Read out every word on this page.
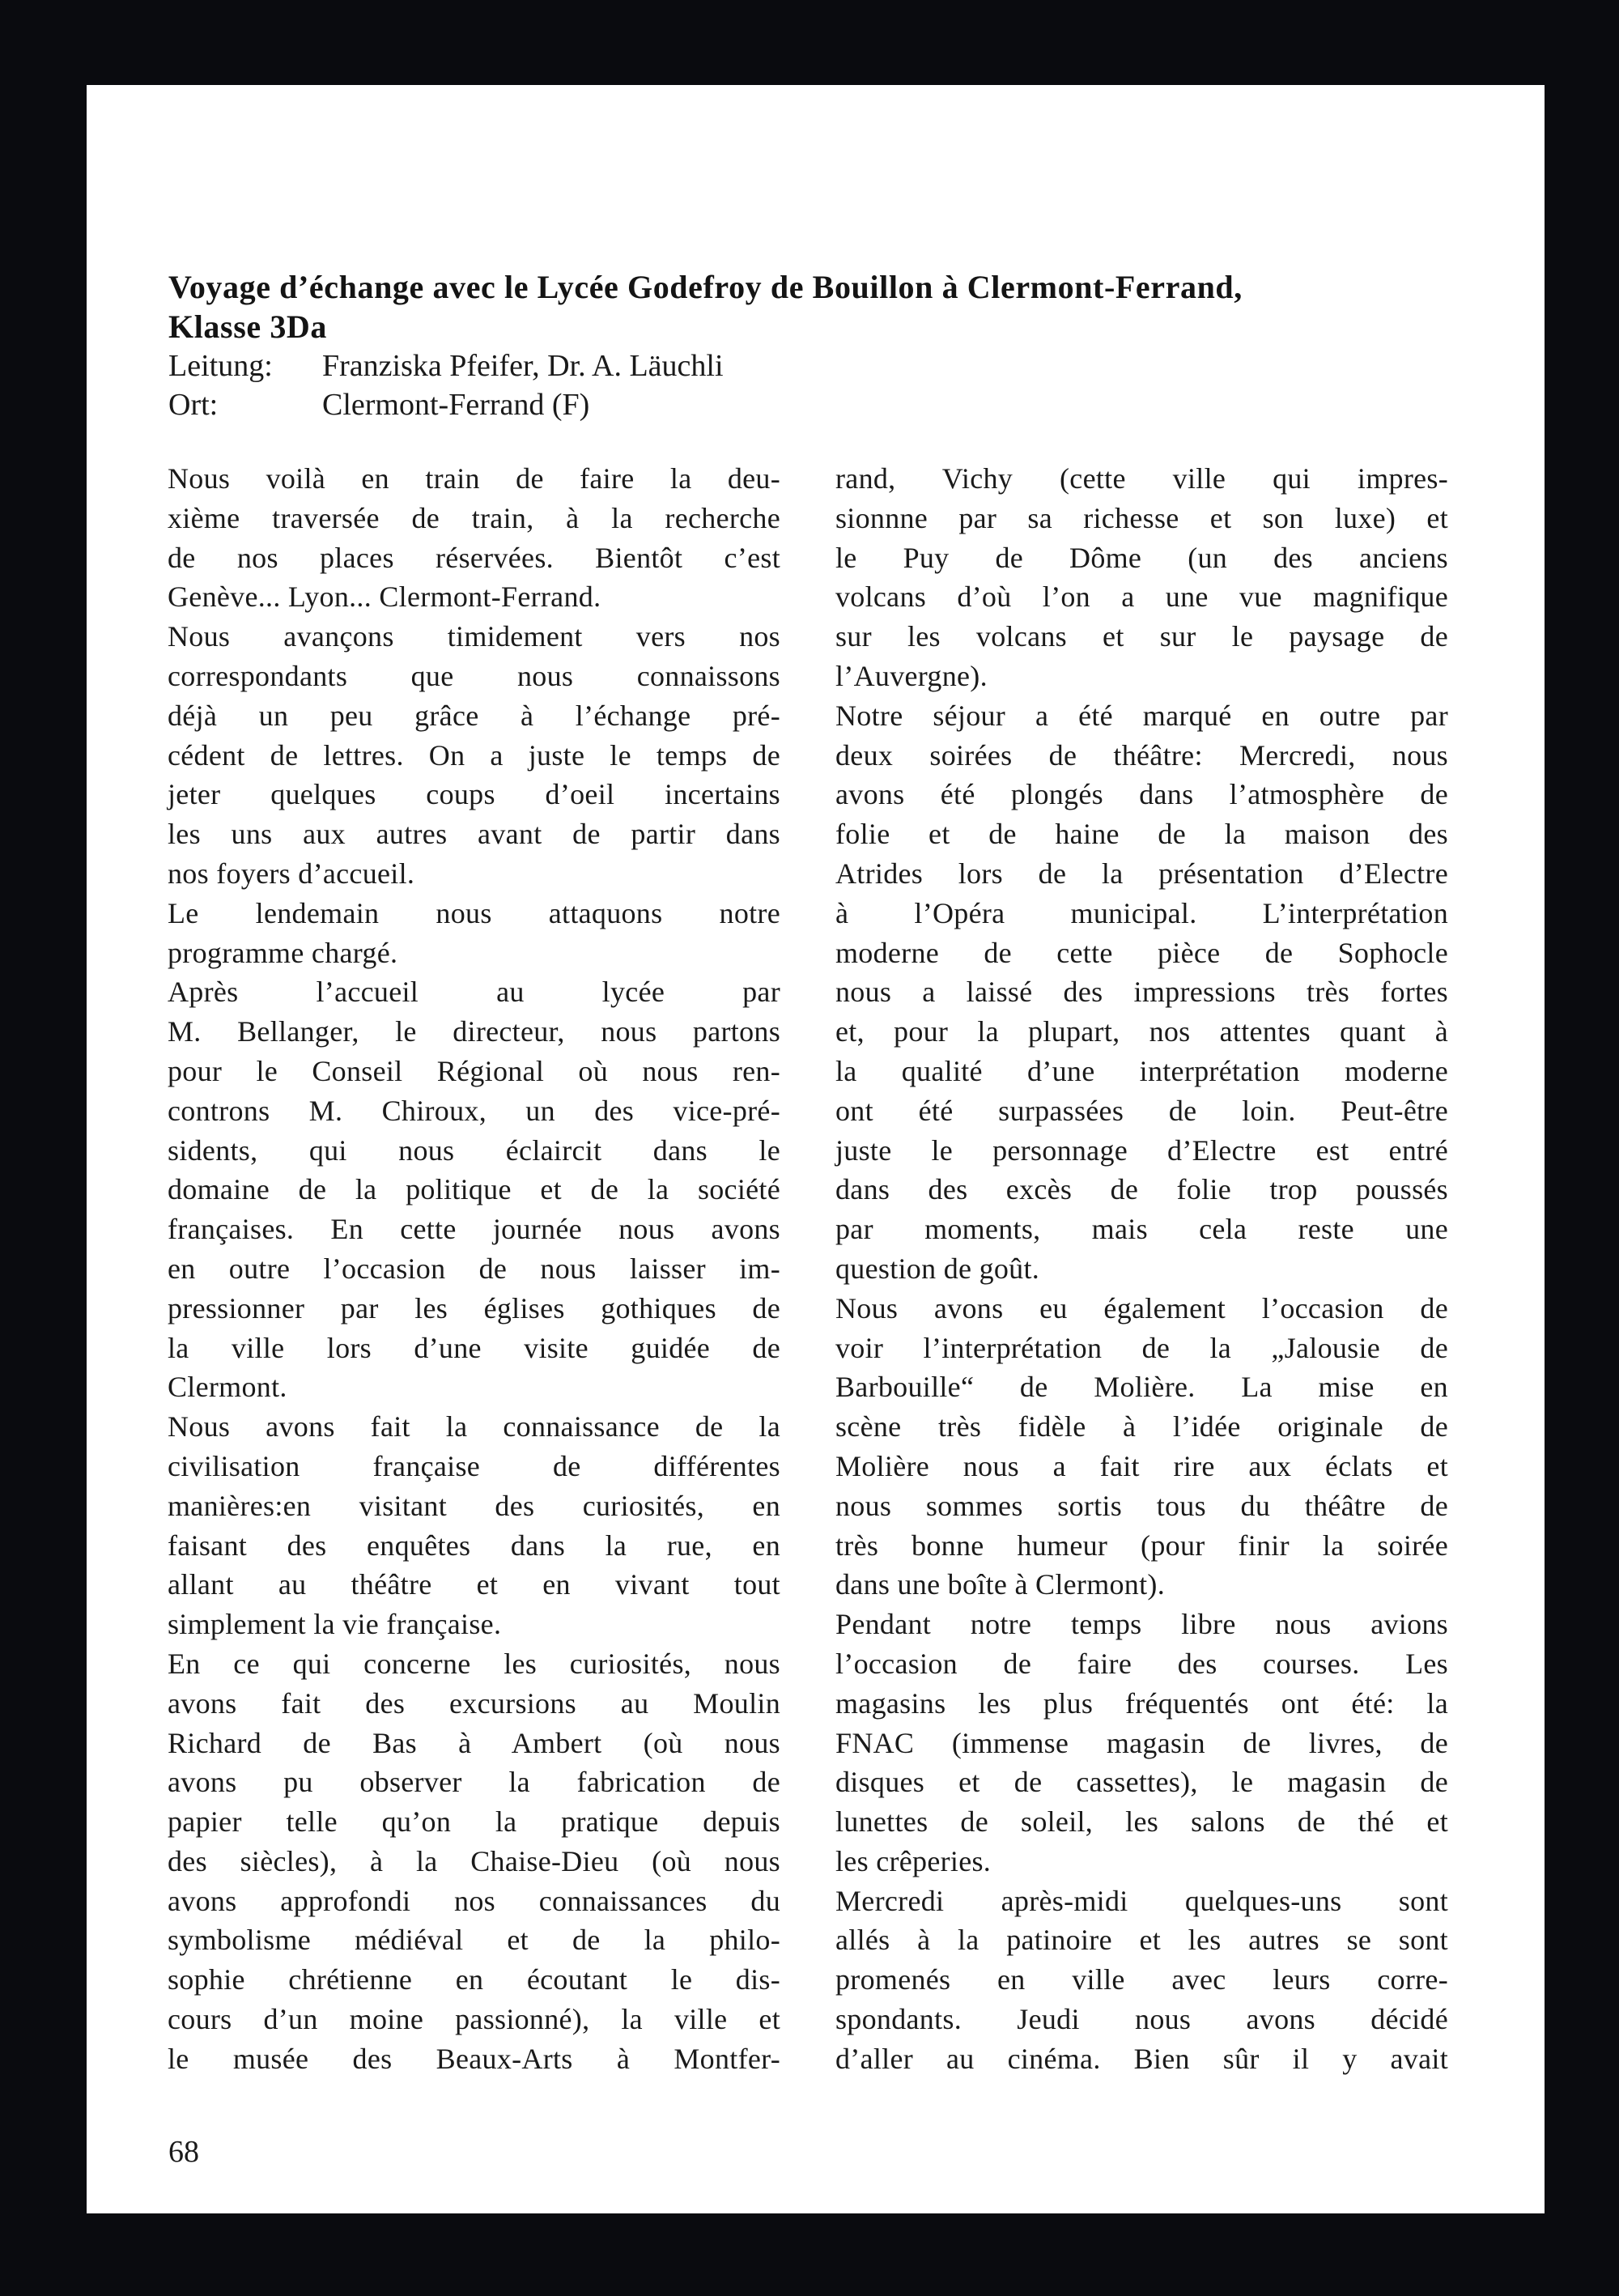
Voyage d’échange avec le Lycée Godefroy de Bouillon à Clermont-Ferrand,
Klasse 3Da
Leitung: Franziska Pfeifer, Dr. A. Läuchli
Ort:	Clermont-Ferrand (F)
Nous voilà en train de faire la deu-
xième traversée de train, à la recherche
de nos places réservées. Bientôt c’est
Genève... Lyon... Clermont-Ferrand.
Nous avançons timidement vers nos
correspondants que nous connaissons
déjà un peu grâce à l’échange pré-
cédent de lettres. On a juste le temps de
jeter quelques coups d’oeil incertains
les uns aux autres avant de partir dans
nos foyers d’accueil.
Le lendemain nous attaquons notre
programme chargé.
Après l’accueil au lycée par
M. Bellanger, le directeur, nous partons
pour le Conseil Régional où nous ren-
controns M. Chiroux, un des vice-pré-
sidents, qui nous éclaircit dans le
domaine de la politique et de la société
françaises. En cette journée nous avons
en outre l’occasion de nous laisser im-
pressionner par les églises gothiques de
la ville lors d’une visite guidée de
Clermont.
Nous avons fait la connaissance de la
civilisation française de différentes
manières:en visitant des curiosités, en
faisant des enquêtes dans la rue, en
allant au théâtre et en vivant tout
simplement la vie française.
En ce qui concerne les curiosités, nous
avons fait des excursions au Moulin
Richard de Bas à Ambert (où nous
avons pu observer la fabrication de
papier telle qu’on la pratique depuis
des siècles), à la Chaise-Dieu (où nous
avons approfondi nos connaissances du
symbolisme médiéval et de la philo-
sophie chrétienne en écoutant le dis-
cours d’un moine passionné), la ville et
le musée des Beaux-Arts à Montfer-
rand, Vichy (cette ville qui impres-
sionnne par sa richesse et son luxe) et
le Puy de Dôme (un des anciens
volcans d’où l’on a une vue magnifique
sur les volcans et sur le paysage de
l’Auvergne).
Notre séjour a été marqué en outre par
deux soirées de théâtre: Mercredi, nous
avons été plongés dans l’atmosphère de
folie et de haine de la maison des
Atrides lors de la présentation d’Electre
à l’Opéra municipal. L’interprétation
moderne de cette pièce de Sophocle
nous a laissé des impressions très fortes
et, pour la plupart, nos attentes quant à
la qualité d’une interprétation moderne
ont été surpassées de loin. Peut-être
juste le personnage d’Electre est entré
dans des excès de folie trop poussés
par moments, mais cela reste une
question de goût.
Nous avons eu également l’occasion de
voir l’interprétation de la „Jalousie de
Barbouille“ de Molière. La mise en
scène très fidèle à l’idée originale de
Molière nous a fait rire aux éclats et
nous sommes sortis tous du théâtre de
très bonne humeur (pour finir la soirée
dans une boîte à Clermont).
Pendant notre temps libre nous avions
l’occasion de faire des courses. Les
magasins les plus fréquentés ont été: la
FNAC (immense magasin de livres, de
disques et de cassettes), le magasin de
lunettes de soleil, les salons de thé et
les crêperies.
Mercredi après-midi quelques-uns sont
allés à la patinoire et les autres se sont
promenés en ville avec leurs corre-
spondants. Jeudi nous avons décidé
d’aller au cinéma. Bien sûr il y avait
68
